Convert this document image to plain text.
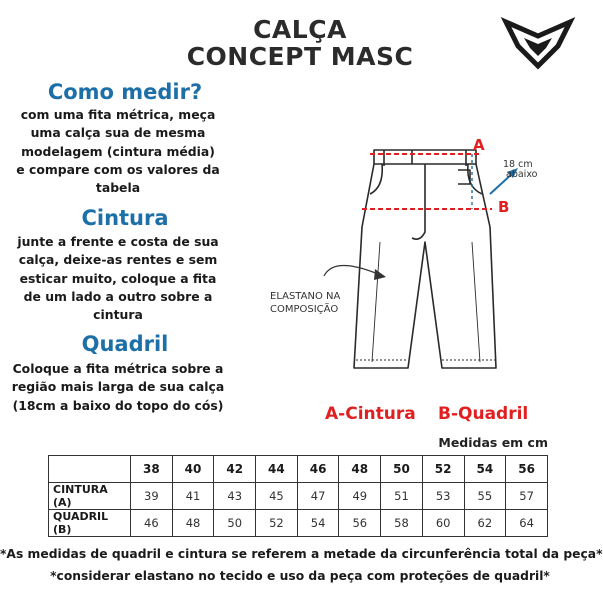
CALÇA
CONCEPT MASC
Como medir?
com uma fita métrica, meça
uma calça sua de mesma
modelagem (cintura média)
e compare com os valores da
tabela
Cintura
junte a frente e costa de sua
calça, deixe-as rentes e sem
esticar muito, coloque a fita
de um lado a outro sobre a
cintura
Quadril
Coloque a fita métrica sobre a
região mais larga de sua calça
(18cm a baixo do topo do cós)
A
B
18 cm
abaixo
ELASTANO NA
COMPOSIÇÃO
A-Cintura B-Quadril
Medidas em cm
	38	40	42	44	46	48	50	52	54	56
CINTURA (A)	39	41	43	45	47	49	51	53	55	57
QUADRIL (B)	46	48	50	52	54	56	58	60	62	64
*As medidas de quadril e cintura se referem a metade da circunferência total da peça*
*considerar elastano no tecido e uso da peça com proteções de quadril*
